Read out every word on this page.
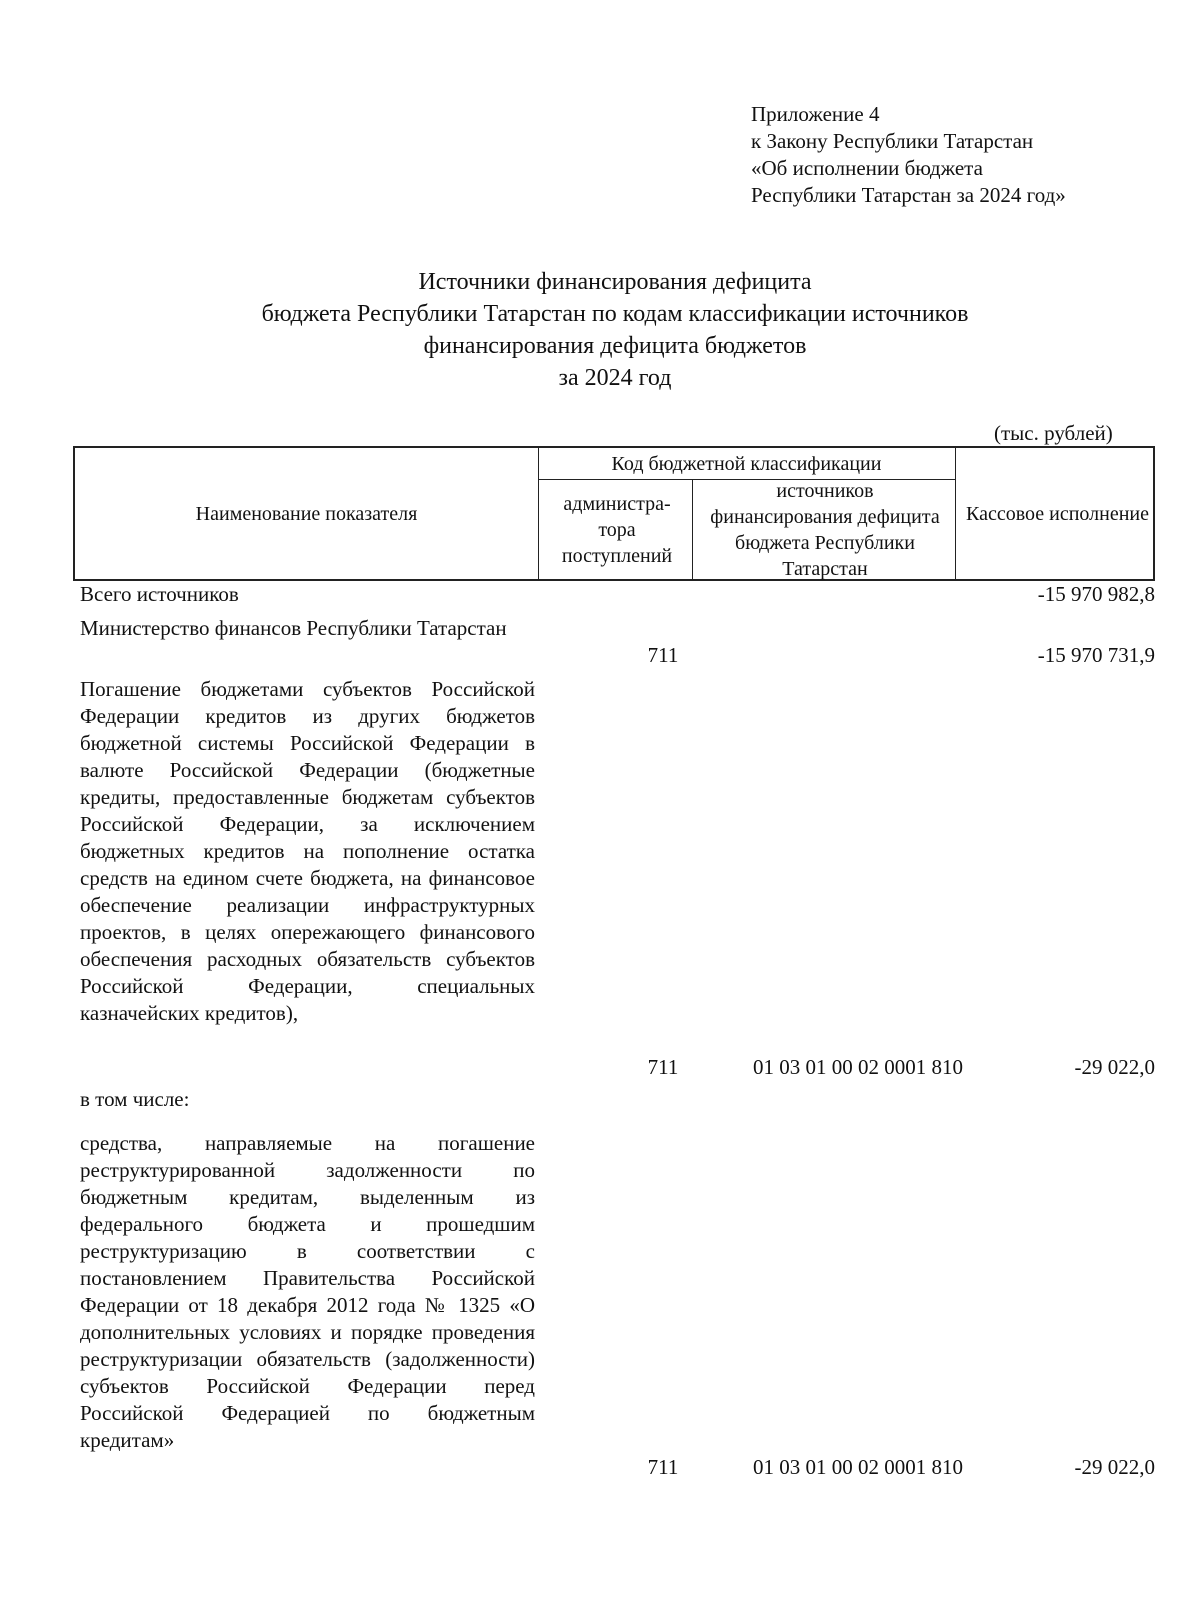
Приложение 4
к Закону Республики Татарстан
«Об исполнении бюджета
Республики Татарстан за 2024 год»
Источники финансирования дефицита
бюджета Республики Татарстан по кодам классификации источников
финансирования дефицита бюджетов
за 2024 год
(тыс. рублей)
Наименование показателя
Код бюджетной классификации
администра-тора поступлений
источников финансирования дефицита бюджета Республики Татарстан
Кассовое исполнение
Всего источников	-15 970 982,8
Министерство финансов Республики Татарстан
711	-15 970 731,9
Погашение бюджетами субъектов Российской Федерации кредитов из других бюджетов бюджетной системы Российской Федерации в валюте Российской Федерации (бюджетные кредиты, предоставленные бюджетам субъектов Российской Федерации, за исключением бюджетных кредитов на пополнение остатка средств на едином счете бюджета, на финансовое обеспечение реализации инфраструктурных проектов, в целях опережающего финансового обеспечения расходных обязательств субъектов Российской Федерации, специальных казначейских кредитов),
711	01 03 01 00 02 0001 810	-29 022,0
в том числе:
средства, направляемые на погашение реструктурированной задолженности по бюджетным кредитам, выделенным из федерального бюджета и прошедшим реструктуризацию в соответствии с постановлением Правительства Российской Федерации от 18 декабря 2012 года № 1325 «О дополнительных условиях и порядке проведения реструктуризации обязательств (задолженности) субъектов Российской Федерации перед Российской Федерацией по бюджетным кредитам»
711	01 03 01 00 02 0001 810	-29 022,0
